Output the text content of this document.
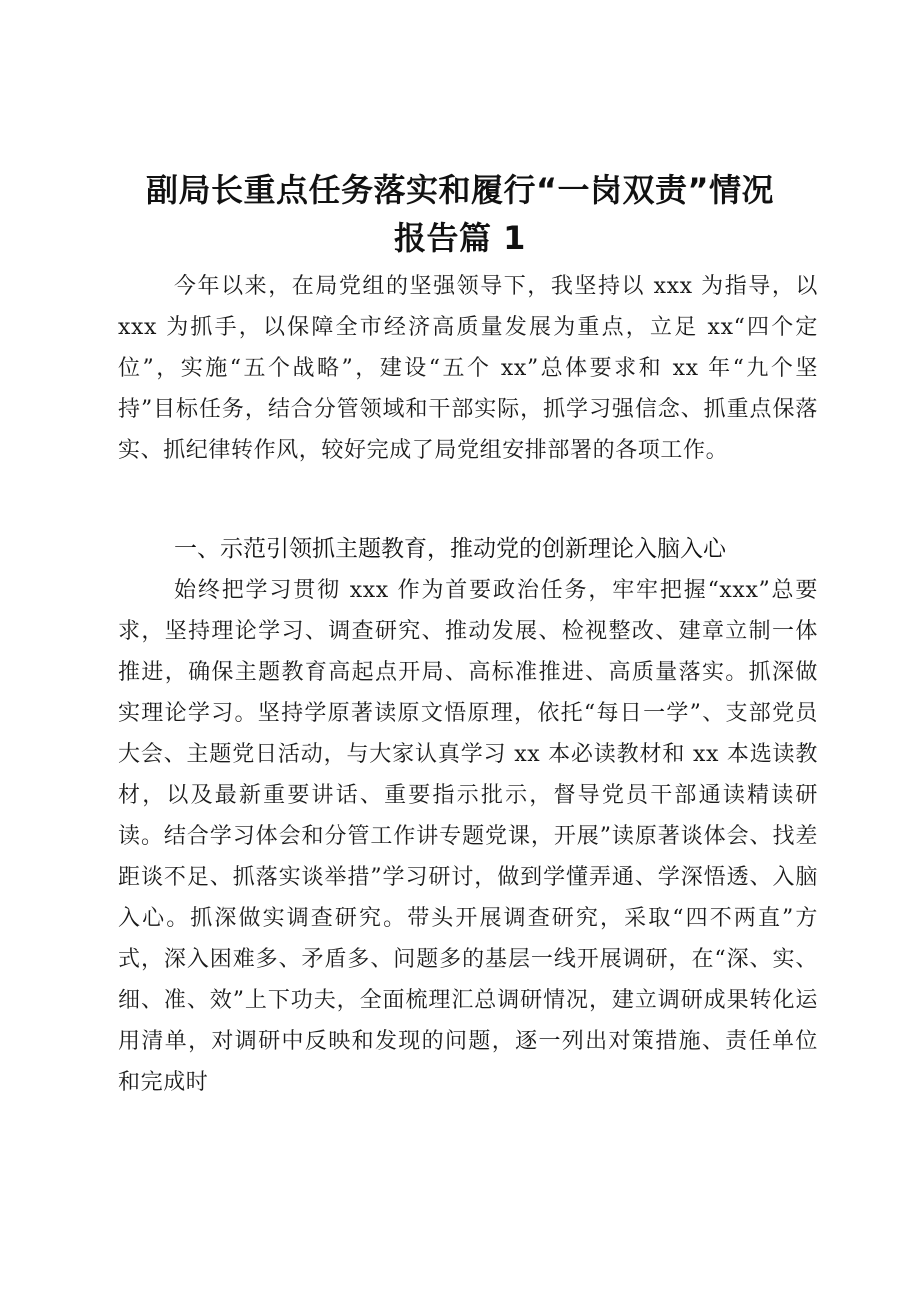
副局长重点任务落实和履行“一岗双责”情况
报告篇 1
今年以来，在局党组的坚强领导下，我坚持以 xxx 为指导，以 xxx 为抓手，以保障全市经济高质量发展为重点，立足 xx“四个定位”，实施“五个战略”，建设“五个 xx”总体要求和 xx 年“九个坚持”目标任务，结合分管领域和干部实际，抓学习强信念、抓重点保落实、抓纪律转作风，较好完成了局党组安排部署的各项工作。
一、示范引领抓主题教育，推动党的创新理论入脑入心
始终把学习贯彻 xxx 作为首要政治任务，牢牢把握“xxx”总要求，坚持理论学习、调查研究、推动发展、检视整改、建章立制一体推进，确保主题教育高起点开局、高标准推进、高质量落实。抓深做实理论学习。坚持学原著读原文悟原理，依托“每日一学”、支部党员大会、主题党日活动，与大家认真学习 xx 本必读教材和 xx 本选读教材，以及最新重要讲话、重要指示批示，督导党员干部通读精读研读。结合学习体会和分管工作讲专题党课，开展”读原著谈体会、找差距谈不足、抓落实谈举措”学习研讨，做到学懂弄通、学深悟透、入脑入心。抓深做实调查研究。带头开展调查研究，采取“四不两直”方式，深入困难多、矛盾多、问题多的基层一线开展调研，在“深、实、细、准、效”上下功夫，全面梳理汇总调研情况，建立调研成果转化运用清单，对调研中反映和发现的问题，逐一列出对策措施、责任单位和完成时
